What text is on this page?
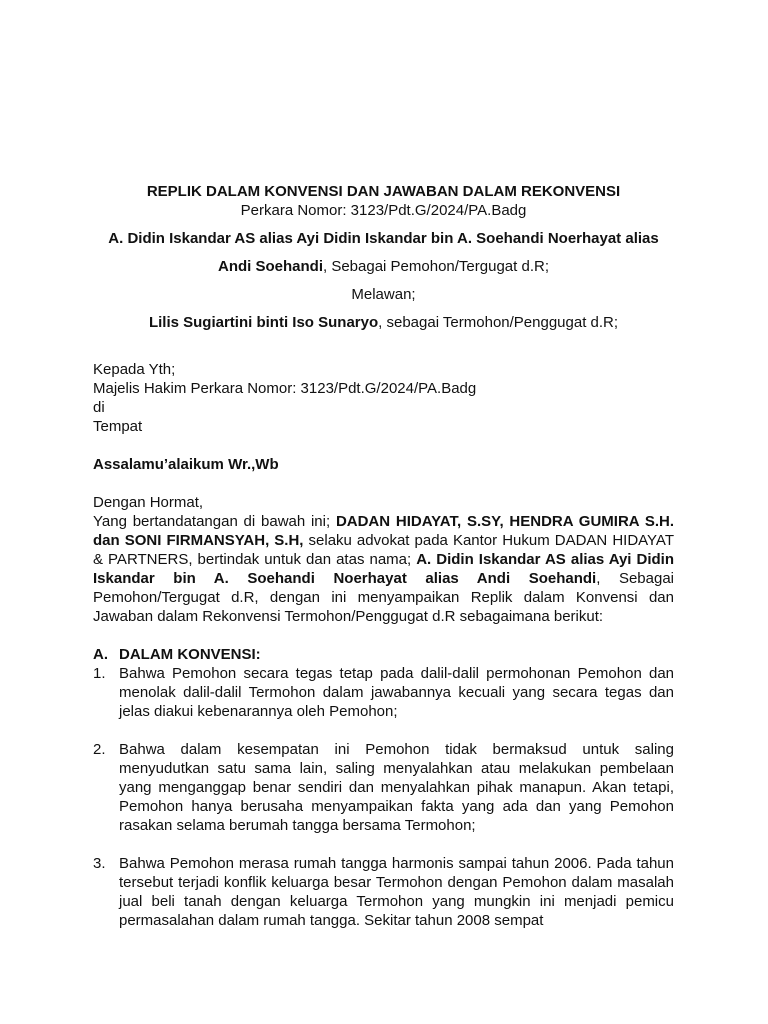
REPLIK DALAM KONVENSI DAN JAWABAN DALAM REKONVENSI

Perkara Nomor: 3123/Pdt.G/2024/PA.Badg

A. Didin Iskandar AS alias Ayi Didin Iskandar bin A. Soehandi Noerhayat alias

Andi Soehandi, Sebagai Pemohon/Tergugat d.R;

Melawan;

Lilis Sugiartini binti Iso Sunaryo, sebagai Termohon/Penggugat d.R;

Kepada Yth;

Majelis Hakim Perkara Nomor: 3123/Pdt.G/2024/PA.Badg

di

Tempat

Assalamu’alaikum Wr.,Wb

Dengan Hormat,

Yang bertandatangan di bawah ini; DADAN HIDAYAT, S.SY, HENDRA GUMIRA S.H. dan SONI FIRMANSYAH, S.H, selaku advokat pada Kantor Hukum DADAN HIDAYAT & PARTNERS, bertindak untuk dan atas nama; A. Didin Iskandar AS alias Ayi Didin Iskandar bin A. Soehandi Noerhayat alias Andi Soehandi, Sebagai Pemohon/Tergugat d.R, dengan ini menyampaikan Replik dalam Konvensi dan Jawaban dalam Rekonvensi Termohon/Penggugat d.R sebagaimana berikut:

A. DALAM KONVENSI:
1. Bahwa Pemohon secara tegas tetap pada dalil-dalil permohonan Pemohon dan menolak dalil-dalil Termohon dalam jawabannya kecuali yang secara tegas dan jelas diakui kebenarannya oleh Pemohon;
2. Bahwa dalam kesempatan ini Pemohon tidak bermaksud untuk saling menyudutkan satu sama lain, saling menyalahkan atau melakukan pembelaan yang menganggap benar sendiri dan menyalahkan pihak manapun. Akan tetapi, Pemohon hanya berusaha menyampaikan fakta yang ada dan yang Pemohon rasakan selama berumah tangga bersama Termohon;
3. Bahwa Pemohon merasa rumah tangga harmonis sampai tahun 2006. Pada tahun tersebut terjadi konflik keluarga besar Termohon dengan Pemohon dalam masalah jual beli tanah dengan keluarga Termohon yang mungkin ini menjadi pemicu permasalahan dalam rumah tangga. Sekitar tahun 2008 sempat
